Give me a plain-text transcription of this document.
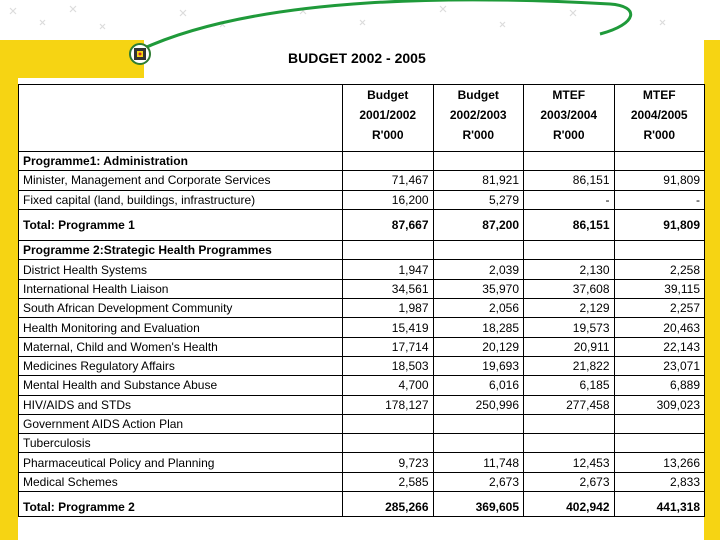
BUDGET 2002 - 2005
	Budget	Budget	MTEF	MTEF
	2001/2002	2002/2003	2003/2004	2004/2005
	R'000	R'000	R'000	R'000

Programme1: Administration				
Minister, Management and Corporate Services	71,467	81,921	86,151	91,809
Fixed capital (land, buildings, infrastructure)	16,200	5,279	-	-

Total: Programme 1	87,667	87,200	86,151	91,809

Programme 2:Strategic Health Programmes				
District Health Systems	1,947	2,039	2,130	2,258
International Health Liaison	34,561	35,970	37,608	39,115
South African Development Community	1,987	2,056	2,129	2,257
Health Monitoring and Evaluation	15,419	18,285	19,573	20,463
Maternal, Child and Women's Health	17,714	20,129	20,911	22,143
Medicines Regulatory Affairs	18,503	19,693	21,822	23,071
Mental Health and Substance Abuse	4,700	6,016	6,185	6,889
HIV/AIDS and STDs	178,127	250,996	277,458	309,023
Government AIDS Action Plan				
Tuberculosis				
Pharmaceutical Policy and Planning	9,723	11,748	12,453	13,266
Medical Schemes	2,585	2,673	2,673	2,833

Total: Programme 2	285,266	369,605	402,942	441,318
